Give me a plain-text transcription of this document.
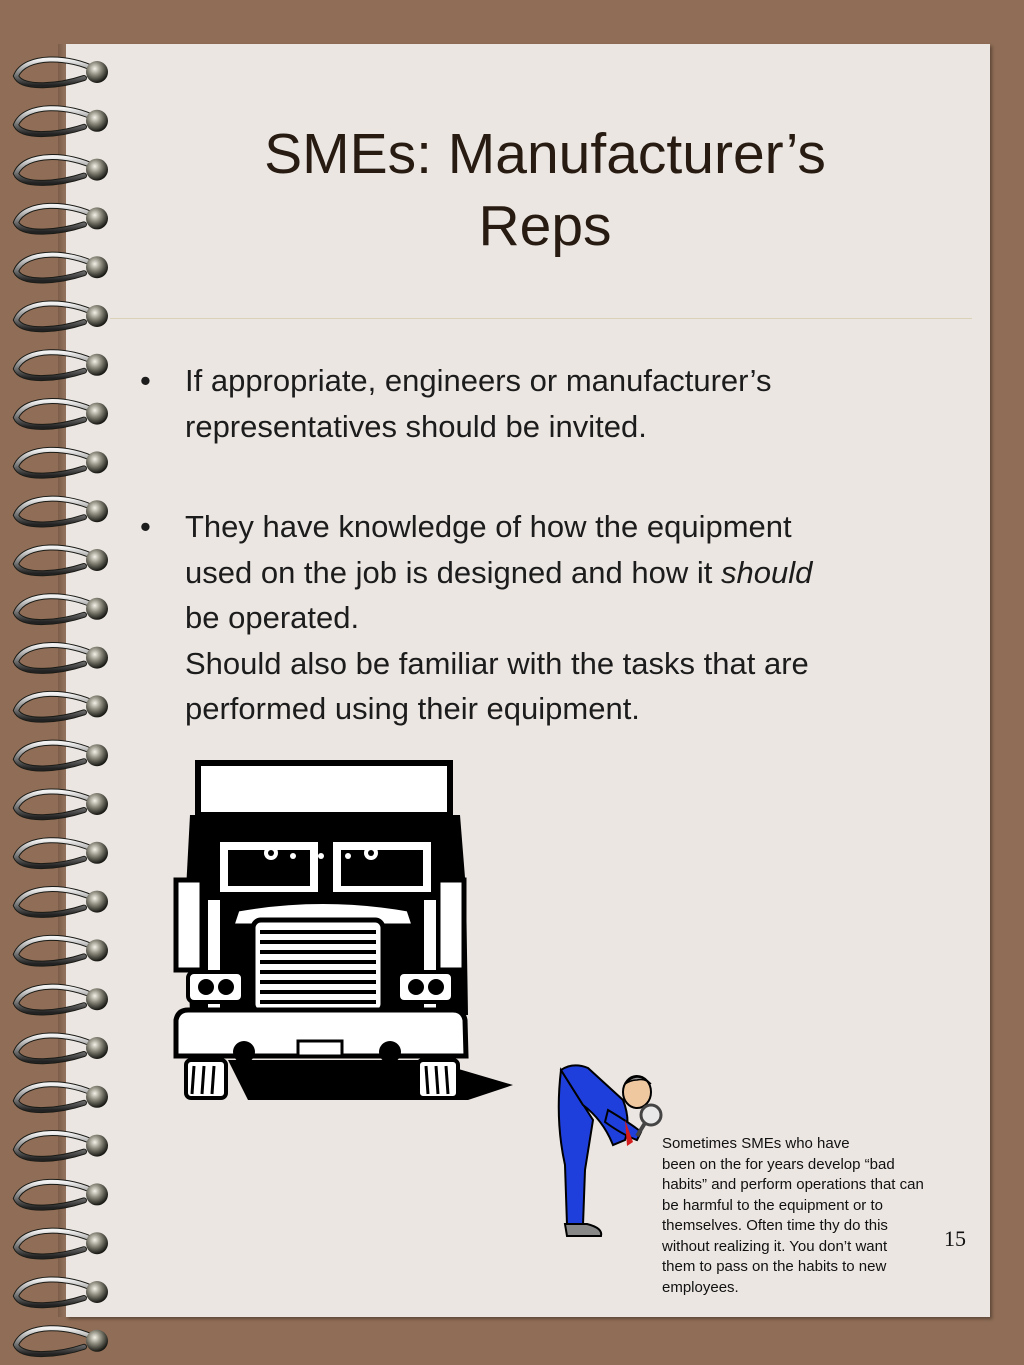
SMEs: Manufacturer’s
Reps
•	If appropriate, engineers or manufacturer’s
representatives should be invited.
•	They have knowledge of how the equipment
used on the job is designed and how it should
be operated.
Should also be familiar with the tasks that are
performed using their equipment.
Sometimes SMEs who have
been on the for years develop “bad
habits” and perform operations that can
be harmful to the equipment or to
themselves. Often time thy do this
without realizing it. You don’t want
them to pass on the habits to new
employees.
15
